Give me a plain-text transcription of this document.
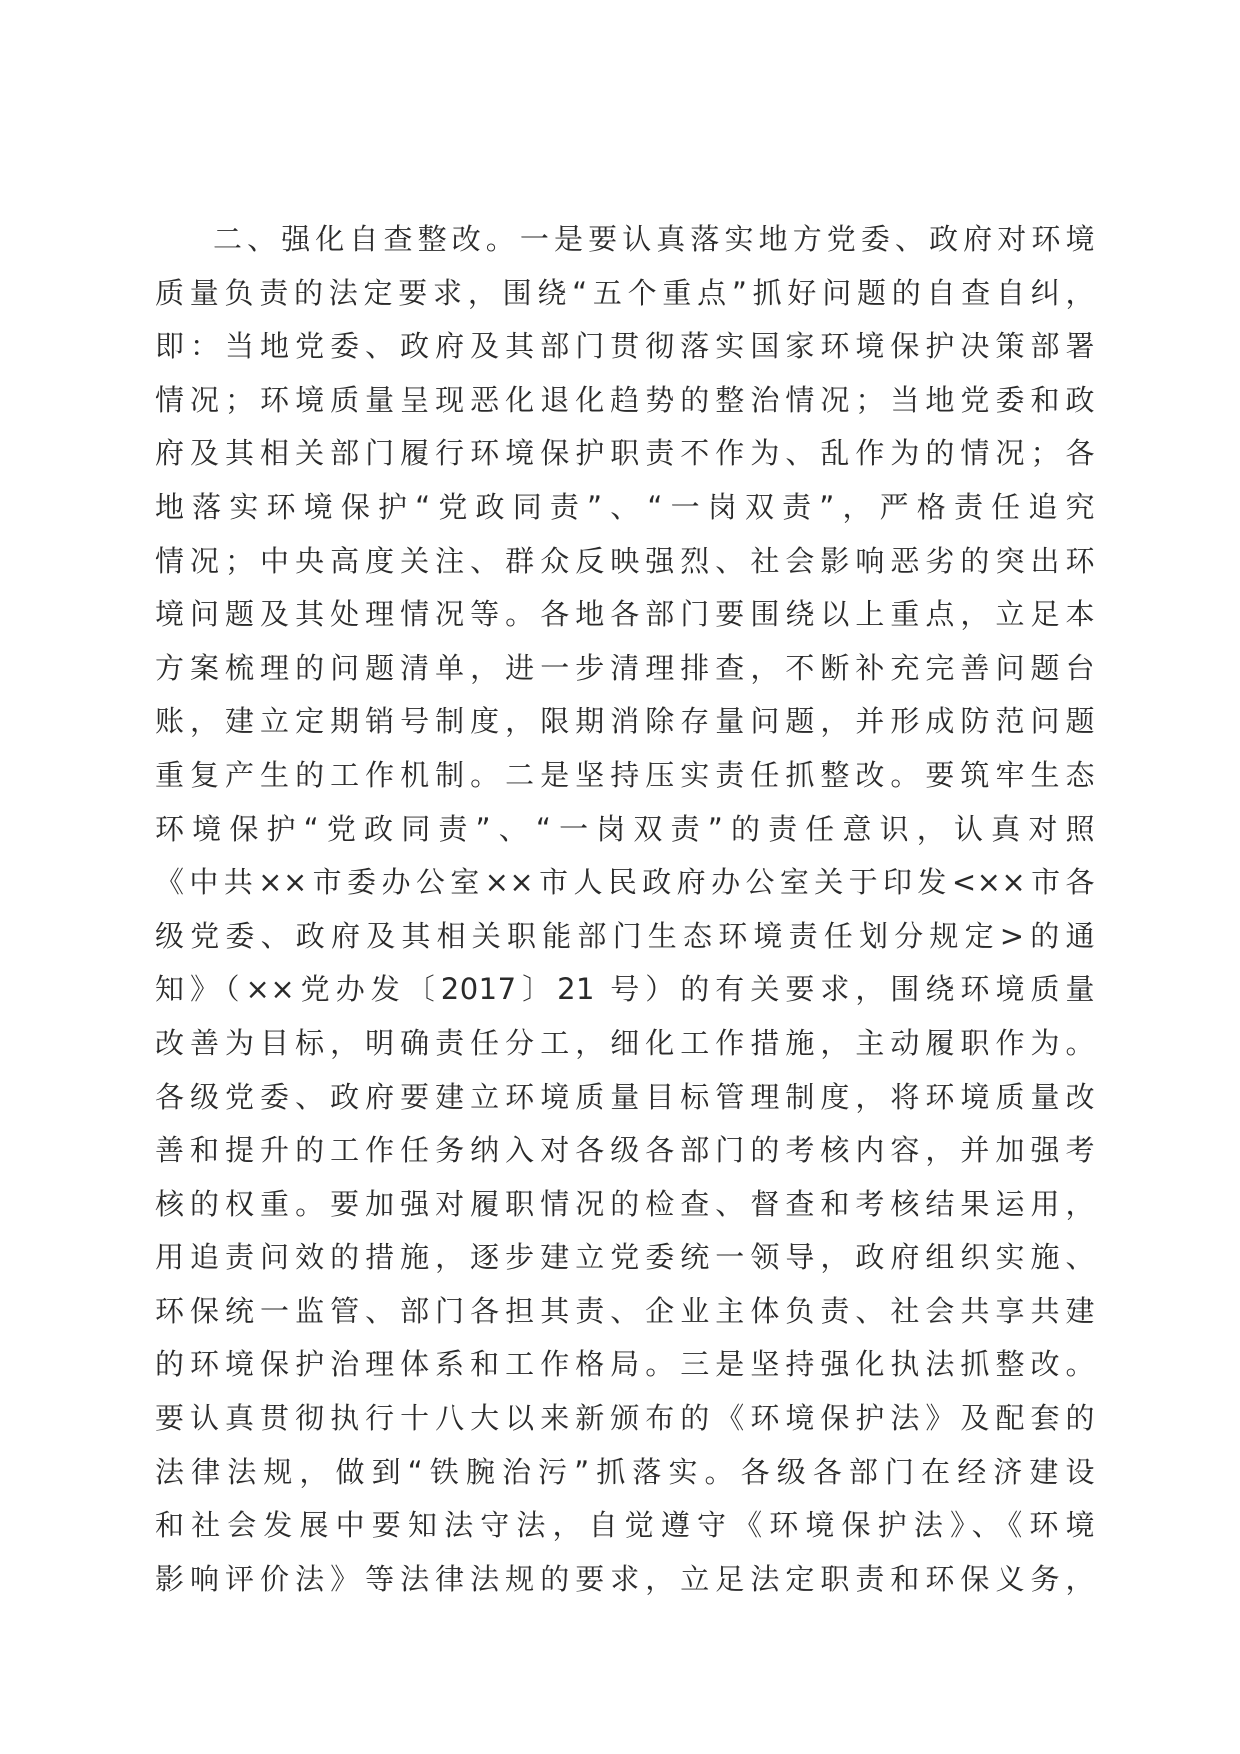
二、强化自查整改。一是要认真落实地方党委、政府对环境
质量负责的法定要求，围绕“五个重点”抓好问题的自查自纠，
即：当地党委、政府及其部门贯彻落实国家环境保护决策部署
情况；环境质量呈现恶化退化趋势的整治情况；当地党委和政
府及其相关部门履行环境保护职责不作为、乱作为的情况；各
地落实环境保护“党政同责”、“一岗双责”，严格责任追究
情况；中央高度关注、群众反映强烈、社会影响恶劣的突出环
境问题及其处理情况等。各地各部门要围绕以上重点，立足本
方案梳理的问题清单，进一步清理排查，不断补充完善问题台
账，建立定期销号制度，限期消除存量问题，并形成防范问题
重复产生的工作机制。二是坚持压实责任抓整改。要筑牢生态
环境保护“党政同责”、“一岗双责”的责任意识，认真对照
《中共××市委办公室××市人民政府办公室关于印发<××市各
级党委、政府及其相关职能部门生态环境责任划分规定>的通
知》（××党办发〔2017〕21 号）的有关要求，围绕环境质量
改善为目标，明确责任分工，细化工作措施，主动履职作为。
各级党委、政府要建立环境质量目标管理制度，将环境质量改
善和提升的工作任务纳入对各级各部门的考核内容，并加强考
核的权重。要加强对履职情况的检查、督查和考核结果运用，
用追责问效的措施，逐步建立党委统一领导，政府组织实施、
环保统一监管、部门各担其责、企业主体负责、社会共享共建
的环境保护治理体系和工作格局。三是坚持强化执法抓整改。
要认真贯彻执行十八大以来新颁布的《环境保护法》及配套的
法律法规，做到“铁腕治污”抓落实。各级各部门在经济建设
和社会发展中要知法守法，自觉遵守《环境保护法》、《环境
影响评价法》等法律法规的要求，立足法定职责和环保义务，
